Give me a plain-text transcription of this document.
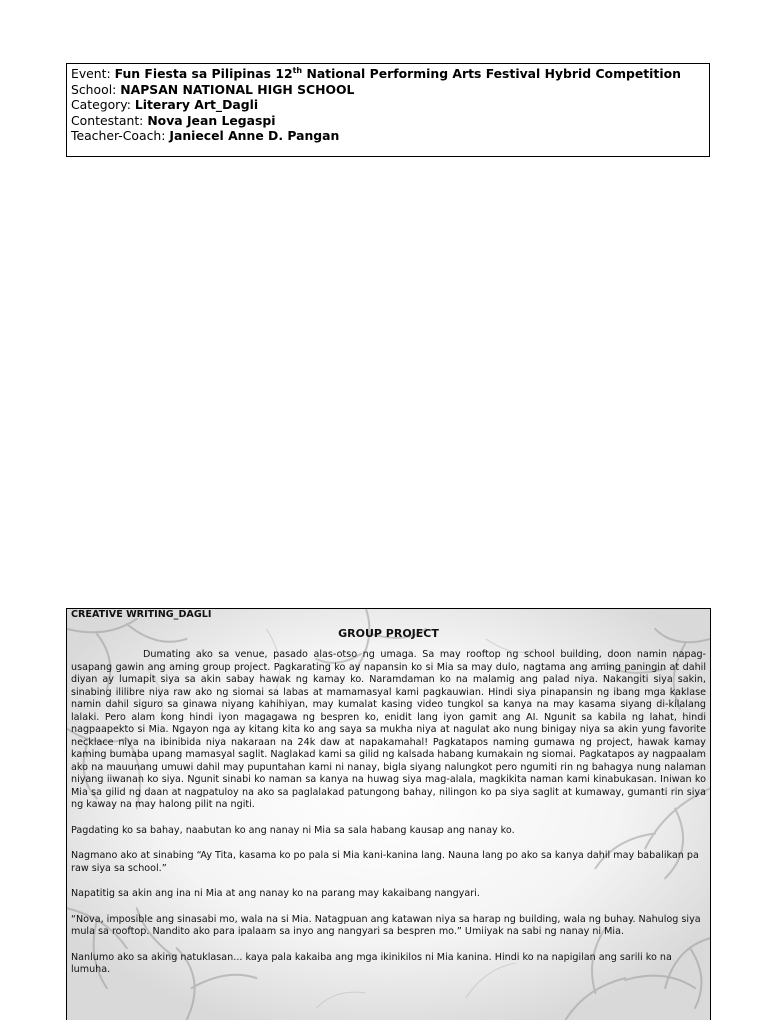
Event: Fun Fiesta sa Pilipinas 12th National Performing Arts Festival Hybrid Competition
School: NAPSAN NATIONAL HIGH SCHOOL
Category: Literary Art_Dagli
Contestant: Nova Jean Legaspi
Teacher-Coach: Janiecel Anne D. Pangan
CREATIVE WRITING_DAGLI
GROUP PROJECT

Dumating ako sa venue, pasado alas-otso ng umaga. Sa may rooftop ng school building, doon namin napag-usapang gawin ang aming group project. Pagkarating ko ay napansin ko si Mia sa may dulo, nagtama ang aming paningin at dahil diyan ay lumapit siya sa akin sabay hawak ng kamay ko. Naramdaman ko na malamig ang palad niya. Nakangiti siya sakin, sinabing ililibre niya raw ako ng siomai sa labas at mamamasyal kami pagkauwian. Hindi siya pinapansin ng ibang mga kaklase namin dahil siguro sa ginawa niyang kahihiyan, may kumalat kasing video tungkol sa kanya na may kasama siyang di-kilalang lalaki. Pero alam kong hindi iyon magagawa ng bespren ko, enidit lang iyon gamit ang AI. Ngunit sa kabila ng lahat, hindi nagpaapekto si Mia. Ngayon nga ay kitang kita ko ang saya sa mukha niya at nagulat ako nung binigay niya sa akin yung favorite necklace niya na ibinibida niya nakaraan na 24k daw at napakamahal! Pagkatapos naming gumawa ng project, hawak kamay kaming bumaba upang mamasyal saglit. Naglakad kami sa gilid ng kalsada habang kumakain ng siomai. Pagkatapos ay nagpaalam ako na mauunang umuwi dahil may pupuntahan kami ni nanay, bigla siyang nalungkot pero ngumiti rin ng bahagya nung nalaman niyang iiwanan ko siya. Ngunit sinabi ko naman sa kanya na huwag siya mag-alala, magkikita naman kami kinabukasan. Iniwan ko Mia sa gilid ng daan at nagpatuloy na ako sa paglalakad patungong bahay, nilingon ko pa siya saglit at kumaway, gumanti rin siya ng kaway na may halong pilit na ngiti.

Pagdating ko sa bahay, naabutan ko ang nanay ni Mia sa sala habang kausap ang nanay ko.

Nagmano ako at sinabing “Ay Tita, kasama ko po pala si Mia kani-kanina lang. Nauna lang po ako sa kanya dahil may babalikan pa raw siya sa school.”

Napatitig sa akin ang ina ni Mia at ang nanay ko na parang may kakaibang nangyari.

“Nova, imposible ang sinasabi mo, wala na si Mia. Natagpuan ang katawan niya sa harap ng building, wala ng buhay. Nahulog siya mula sa rooftop. Nandito ako para ipalaam sa inyo ang nangyari sa bespren mo.” Umiiyak na sabi ng nanay ni Mia.

Nanlumo ako sa aking natuklasan... kaya pala kakaiba ang mga ikinikilos ni Mia kanina. Hindi ko na napigilan ang sarili ko na lumuha.
